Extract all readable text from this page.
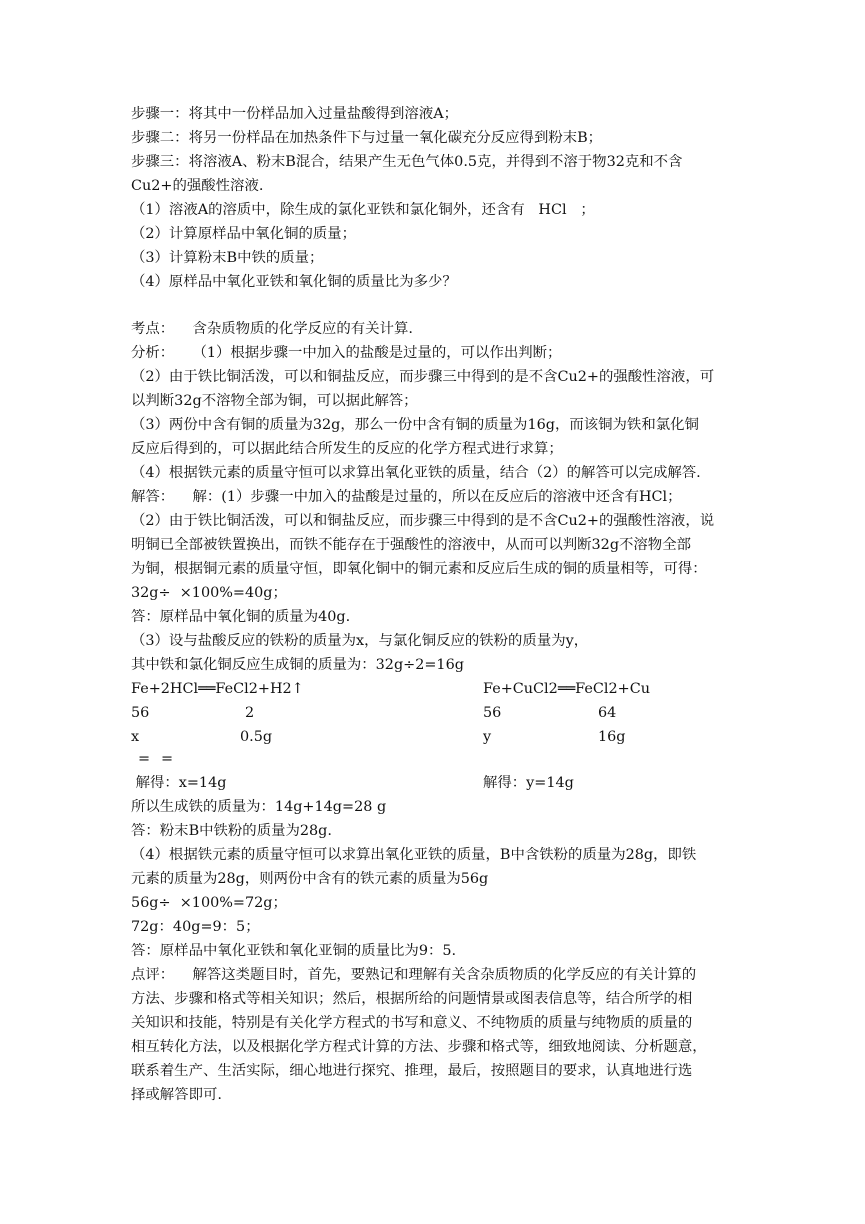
步骤一：将其中一份样品加入过量盐酸得到溶液A；
步骤二：将另一份样品在加热条件下与过量一氧化碳充分反应得到粉末B；
步骤三：将溶液A、粉末B混合，结果产生无色气体0.5克，并得到不溶于物32克和不含
Cu2+的强酸性溶液.
（1）溶液A的溶质中，除生成的氯化亚铁和氯化铜外，还含有   HCl   ；
（2）计算原样品中氧化铜的质量；
（3）计算粉末B中铁的质量；
（4）原样品中氧化亚铁和氧化铜的质量比为多少？
考点：    含杂质物质的化学反应的有关计算.
分析：    （1）根据步骤一中加入的盐酸是过量的，可以作出判断；
（2）由于铁比铜活泼，可以和铜盐反应，而步骤三中得到的是不含Cu2+的强酸性溶液，可
以判断32g不溶物全部为铜，可以据此解答；
（3）两份中含有铜的质量为32g，那么一份中含有铜的质量为16g，而该铜为铁和氯化铜
反应后得到的，可以据此结合所发生的反应的化学方程式进行求算；
（4）根据铁元素的质量守恒可以求算出氧化亚铁的质量，结合（2）的解答可以完成解答.
解答：    解：(1）步骤一中加入的盐酸是过量的，所以在反应后的溶液中还含有HCl；
（2）由于铁比铜活泼，可以和铜盐反应，而步骤三中得到的是不含Cu2+的强酸性溶液，说
明铜已全部被铁置换出，而铁不能存在于强酸性的溶液中，从而可以判断32g不溶物全部
为铜，根据铜元素的质量守恒，即氧化铜中的铜元素和反应后生成的铜的质量相等，可得：
32g÷  ×100%=40g；
答：原样品中氧化铜的质量为40g.
（3）设与盐酸反应的铁粉的质量为x，与氯化铜反应的铁粉的质量为y，
其中铁和氯化铜反应生成铜的质量为：32g÷2=16g
Fe+2HCl══FeCl2+H2↑	Fe+CuCl2══FeCl2+Cu
56	2	56	64
x	0.5g	y	16g
= =
解得：x=14g	解得：y=14g
所以生成铁的质量为：14g+14g=28 g
答：粉末B中铁粉的质量为28g.
（4）根据铁元素的质量守恒可以求算出氧化亚铁的质量，B中含铁粉的质量为28g，即铁
元素的质量为28g，则两份中含有的铁元素的质量为56g
56g÷  ×100%=72g；
72g：40g=9：5；
答：原样品中氧化亚铁和氧化亚铜的质量比为9：5.
点评：    解答这类题目时，首先，要熟记和理解有关含杂质物质的化学反应的有关计算的
方法、步骤和格式等相关知识；然后，根据所给的问题情景或图表信息等，结合所学的相
关知识和技能，特别是有关化学方程式的书写和意义、不纯物质的质量与纯物质的质量的
相互转化方法，以及根据化学方程式计算的方法、步骤和格式等，细致地阅读、分析题意，
联系着生产、生活实际，细心地进行探究、推理，最后，按照题目的要求，认真地进行选
择或解答即可.
